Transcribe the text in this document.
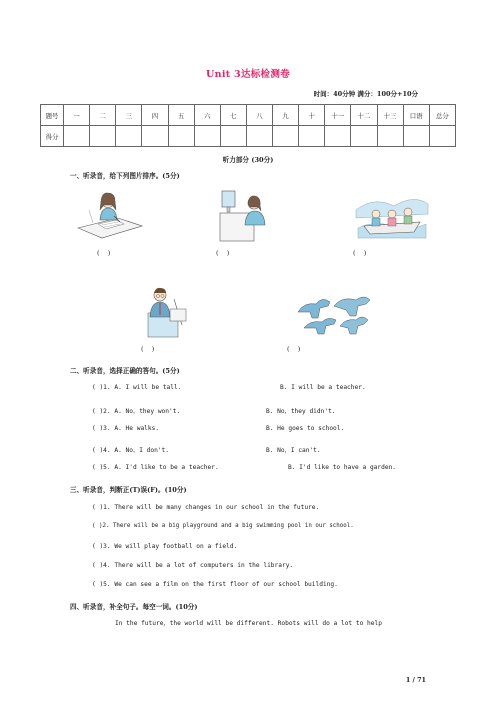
Unit 3达标检测卷
时间：40分钟 满分：100分+10分
题号	一	二	三	四	五	六	七	八	九	十	十一	十二	十三	口语	总分
得分															
听力部分 (30分)
一、听录音，给下列图片排序。(5分)
(    )	(    )	(    )
(    )	(    )
二、听录音，选择正确的答句。(5分)
( )1. A. I will be tall.	B. I will be a teacher.
( )2. A. No，they won't.	B. No，they didn't.
( )3. A. He walks.	B. He goes to school.
( )4. A. No，I don't.	B. No，I can't.
( )5. A. I'd like to be a teacher.	B. I'd like to have a garden.
三、听录音，判断正(T)误(F)。(10分)
( )1. There will be many changes in our school in the future.
( )2. There will be a big playground and a big swimming pool in our school.
( )3. We will play football on a field.
( )4. There will be a lot of computers in the library.
( )5. We can see a film on the first floor of our school building.
四、听录音，补全句子。每空一词。(10分)
In the future，the world will be different. Robots will do a lot to help
1 / 71
